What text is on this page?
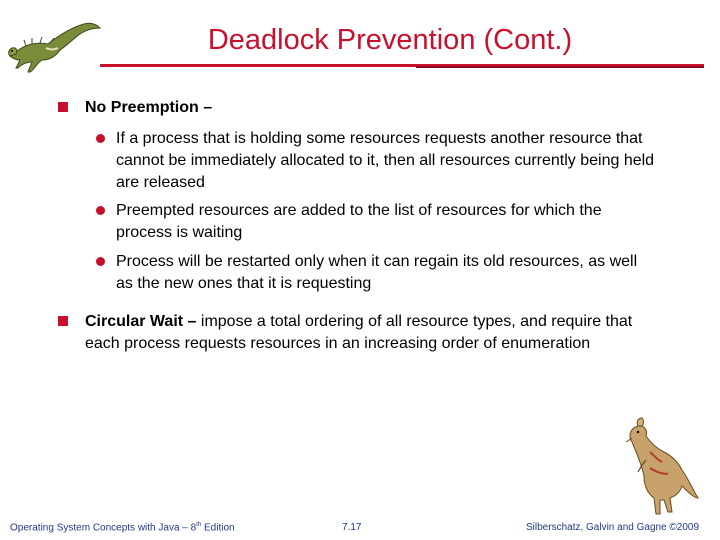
Deadlock Prevention (Cont.)
No Preemption –
If a process that is holding some resources requests another resource that cannot be immediately allocated to it, then all resources currently being held are released
Preempted resources are added to the list of resources for which the process is waiting
Process will be restarted only when it can regain its old resources, as well as the new ones that it is requesting
Circular Wait – impose a total ordering of all resource types, and require that each process requests resources in an increasing order of enumeration
Operating System Concepts with Java – 8th Edition	7.17	Silberschatz, Galvin and Gagne ©2009
